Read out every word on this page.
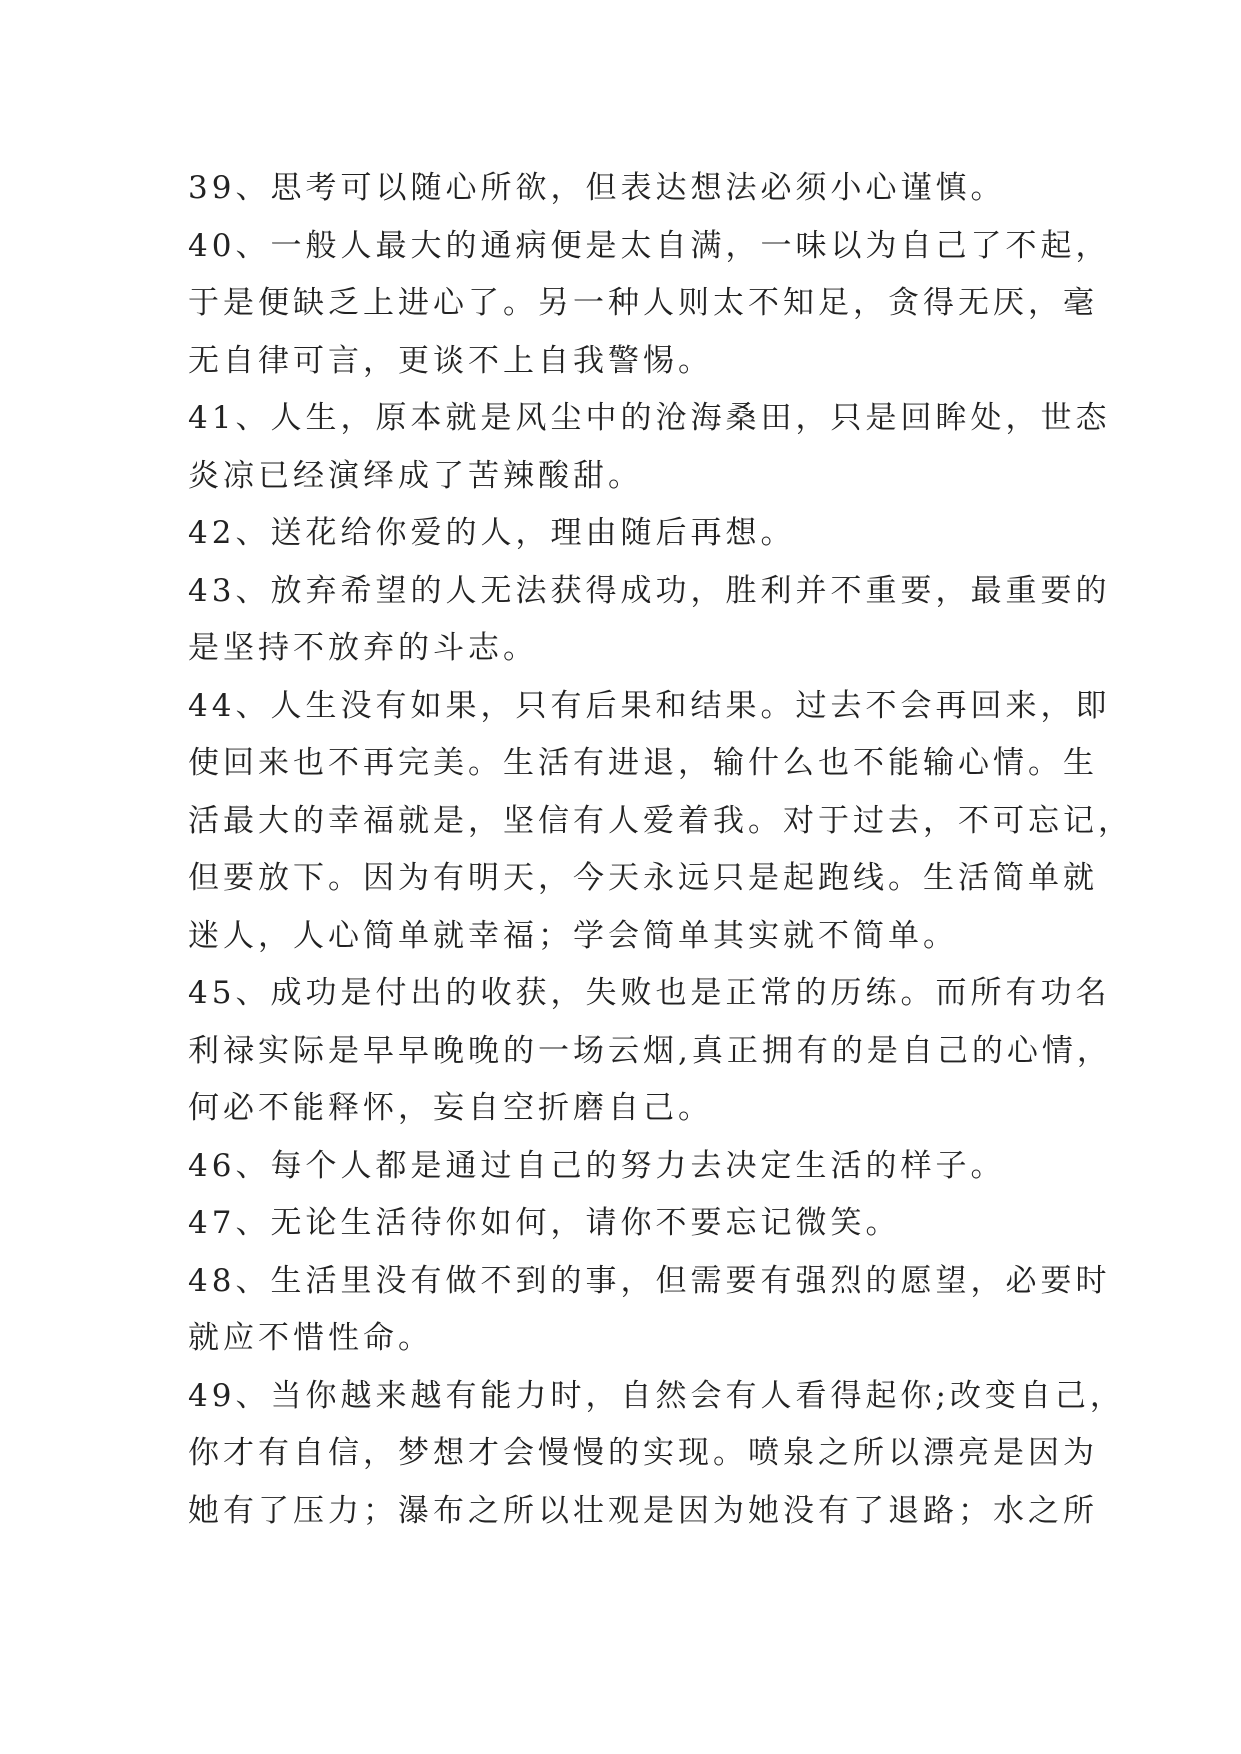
39、思考可以随心所欲，但表达想法必须小心谨慎。
40、一般人最大的通病便是太自满，一味以为自己了不起，
于是便缺乏上进心了。另一种人则太不知足，贪得无厌，毫
无自律可言，更谈不上自我警惕。
41、人生，原本就是风尘中的沧海桑田，只是回眸处，世态
炎凉已经演绎成了苦辣酸甜。
42、送花给你爱的人，理由随后再想。
43、放弃希望的人无法获得成功，胜利并不重要，最重要的
是坚持不放弃的斗志。
44、人生没有如果，只有后果和结果。过去不会再回来，即
使回来也不再完美。生活有进退，输什么也不能输心情。生
活最大的幸福就是，坚信有人爱着我。对于过去，不可忘记，
但要放下。因为有明天，今天永远只是起跑线。生活简单就
迷人，人心简单就幸福；学会简单其实就不简单。
45、成功是付出的收获，失败也是正常的历练。而所有功名
利禄实际是早早晚晚的一场云烟,真正拥有的是自己的心情，
何必不能释怀，妄自空折磨自己。
46、每个人都是通过自己的努力去决定生活的样子。
47、无论生活待你如何，请你不要忘记微笑。
48、生活里没有做不到的事，但需要有强烈的愿望，必要时
就应不惜性命。
49、当你越来越有能力时，自然会有人看得起你;改变自己，
你才有自信，梦想才会慢慢的实现。喷泉之所以漂亮是因为
她有了压力；瀑布之所以壮观是因为她没有了退路；水之所
